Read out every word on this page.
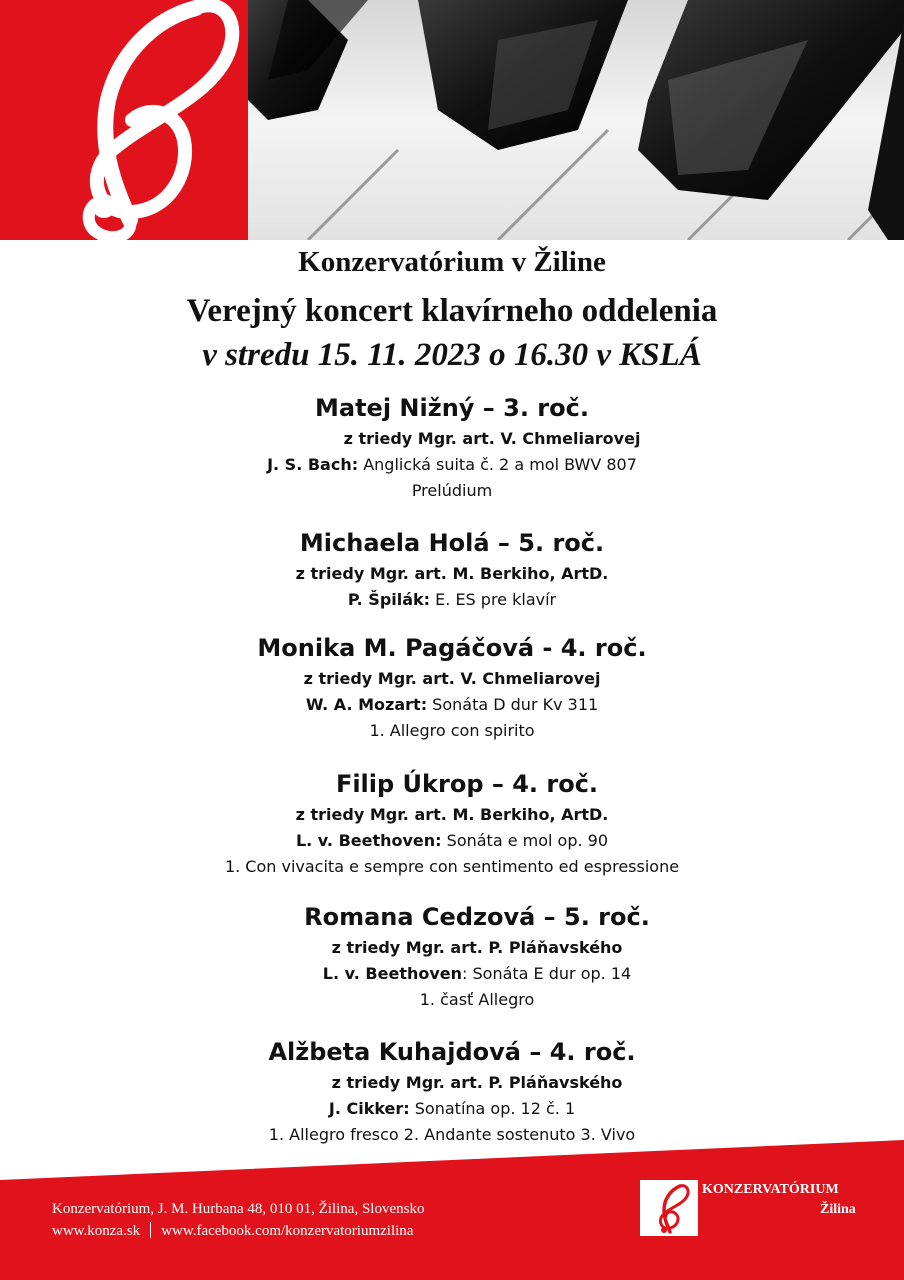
Konzervatórium v Žiline
Verejný koncert klavírneho oddelenia
v stredu 15. 11. 2023 o 16.30 v KSLÁ
Matej Nižný – 3. roč.
z triedy Mgr. art. V. Chmeliarovej
J. S. Bach: Anglická suita č. 2 a mol BWV 807
Prelúdium
Michaela Holá – 5. roč.
z triedy Mgr. art. M. Berkiho, ArtD.
P. Špilák: E. ES pre klavír
Monika M. Pagáčová - 4. roč.
z triedy Mgr. art. V. Chmeliarovej
W. A. Mozart: Sonáta D dur Kv 311
1. Allegro con spirito
Filip Úkrop – 4. roč.
z triedy Mgr. art. M. Berkiho, ArtD.
L. v. Beethoven: Sonáta e mol op. 90
1. Con vivacita e sempre con sentimento ed espressione
Romana Cedzová – 5. roč.
z triedy Mgr. art. P. Pláňavského
L. v. Beethoven: Sonáta E dur op. 14
1. časť Allegro
Alžbeta Kuhajdová – 4. roč.
z triedy Mgr. art. P. Pláňavského
J. Cikker: Sonatína op. 12 č. 1
1. Allegro fresco 2. Andante sostenuto 3. Vivo
Konzervatórium, J. M. Hurbana 48, 010 01, Žilina, Slovensko
www.konza.sk www.facebook.com/konzervatoriumzilina
KONZERVATÓRIUM
Žilina
